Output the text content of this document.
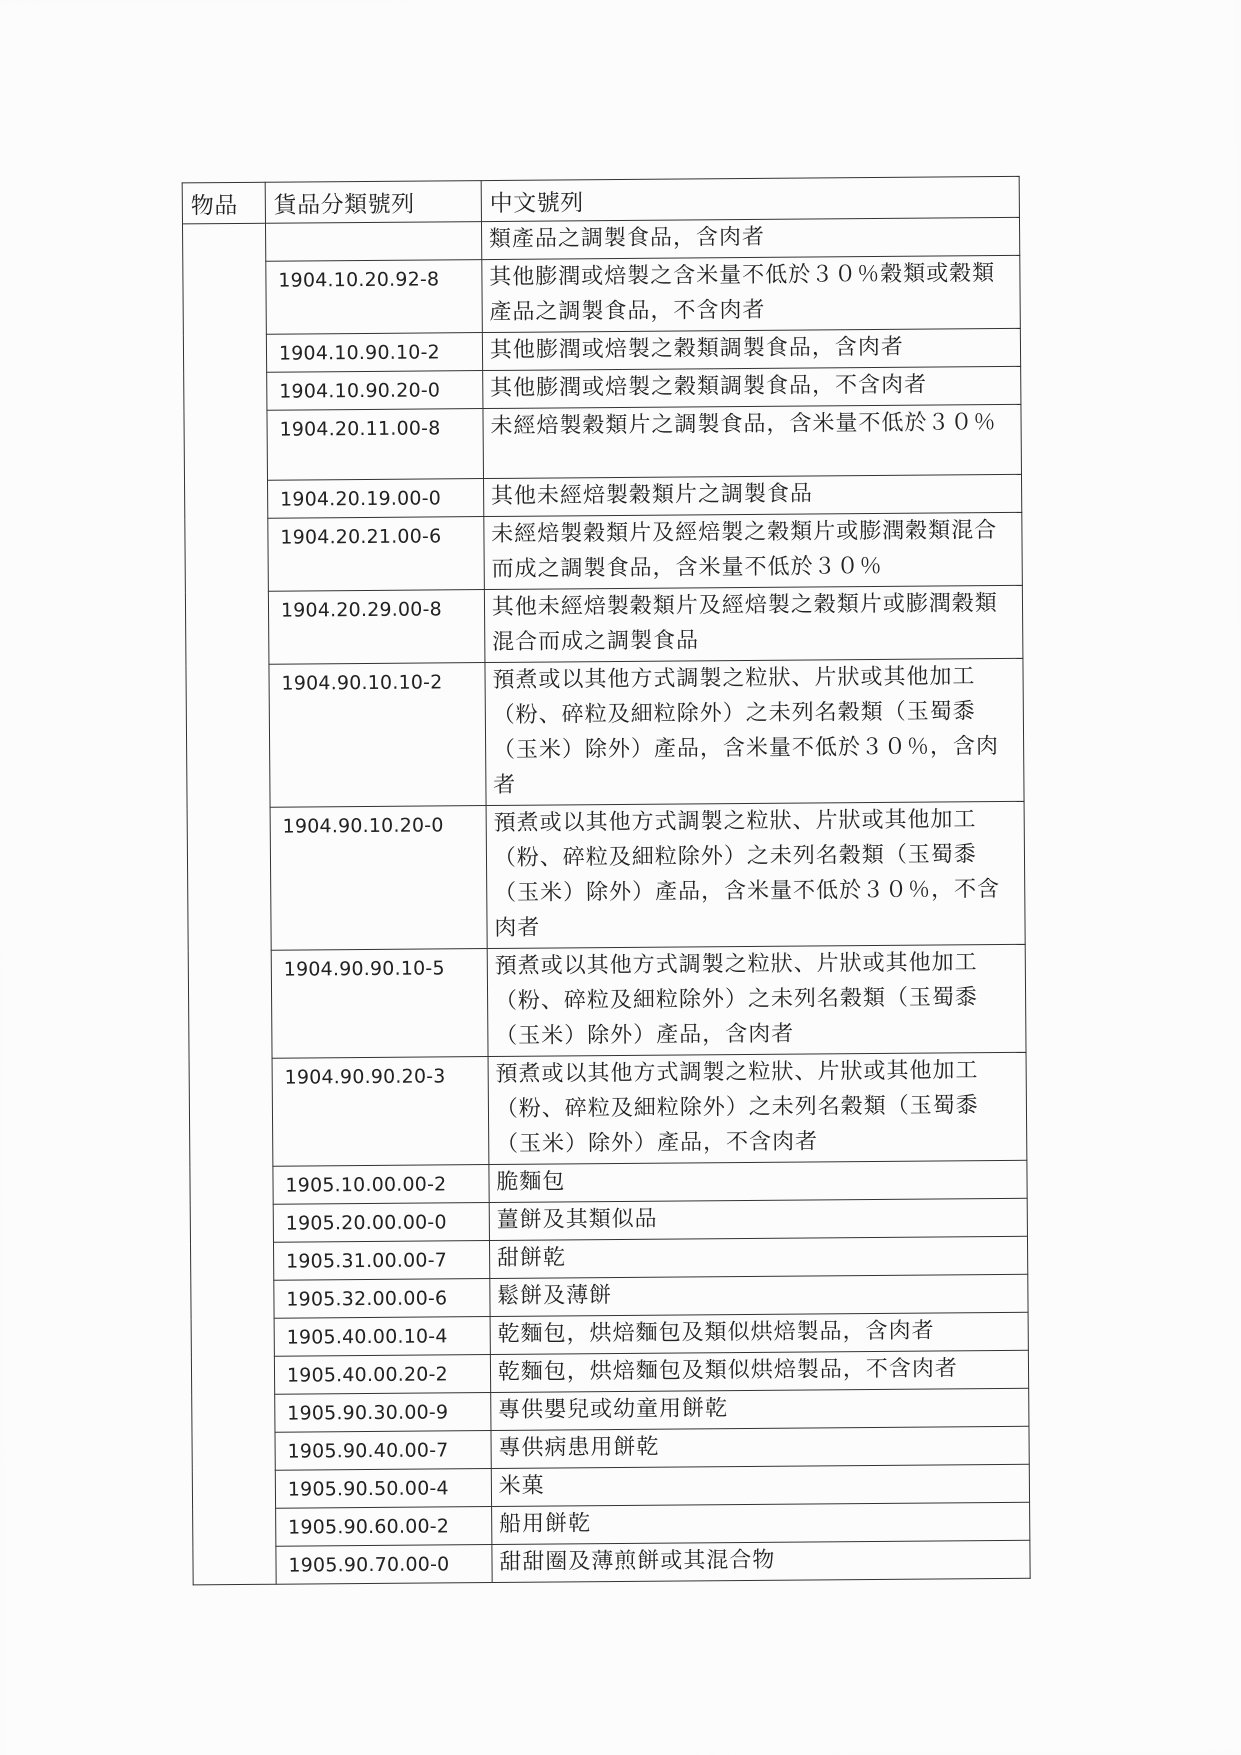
物品	貨品分類號列	中文號列
		類產品之調製食品，含肉者
	1904.10.20.92-8	其他膨潤或焙製之含米量不低於３０％穀類或穀類產品之調製食品，不含肉者
	1904.10.90.10-2	其他膨潤或焙製之穀類調製食品，含肉者
	1904.10.90.20-0	其他膨潤或焙製之穀類調製食品，不含肉者
	1904.20.11.00-8	未經焙製穀類片之調製食品，含米量不低於３０％
	1904.20.19.00-0	其他未經焙製穀類片之調製食品
	1904.20.21.00-6	未經焙製穀類片及經焙製之穀類片或膨潤穀類混合而成之調製食品，含米量不低於３０％
	1904.20.29.00-8	其他未經焙製穀類片及經焙製之穀類片或膨潤穀類混合而成之調製食品
	1904.90.10.10-2	預煮或以其他方式調製之粒狀、片狀或其他加工（粉、碎粒及細粒除外）之未列名穀類（玉蜀黍（玉米）除外）產品，含米量不低於３０％，含肉者
	1904.90.10.20-0	預煮或以其他方式調製之粒狀、片狀或其他加工（粉、碎粒及細粒除外）之未列名穀類（玉蜀黍（玉米）除外）產品，含米量不低於３０％，不含肉者
	1904.90.90.10-5	預煮或以其他方式調製之粒狀、片狀或其他加工（粉、碎粒及細粒除外）之未列名穀類（玉蜀黍（玉米）除外）產品，含肉者
	1904.90.90.20-3	預煮或以其他方式調製之粒狀、片狀或其他加工（粉、碎粒及細粒除外）之未列名穀類（玉蜀黍（玉米）除外）產品，不含肉者
	1905.10.00.00-2	脆麵包
	1905.20.00.00-0	薑餅及其類似品
	1905.31.00.00-7	甜餅乾
	1905.32.00.00-6	鬆餅及薄餅
	1905.40.00.10-4	乾麵包，烘焙麵包及類似烘焙製品，含肉者
	1905.40.00.20-2	乾麵包，烘焙麵包及類似烘焙製品，不含肉者
	1905.90.30.00-9	專供嬰兒或幼童用餅乾
	1905.90.40.00-7	專供病患用餅乾
	1905.90.50.00-4	米菓
	1905.90.60.00-2	船用餅乾
	1905.90.70.00-0	甜甜圈及薄煎餅或其混合物
